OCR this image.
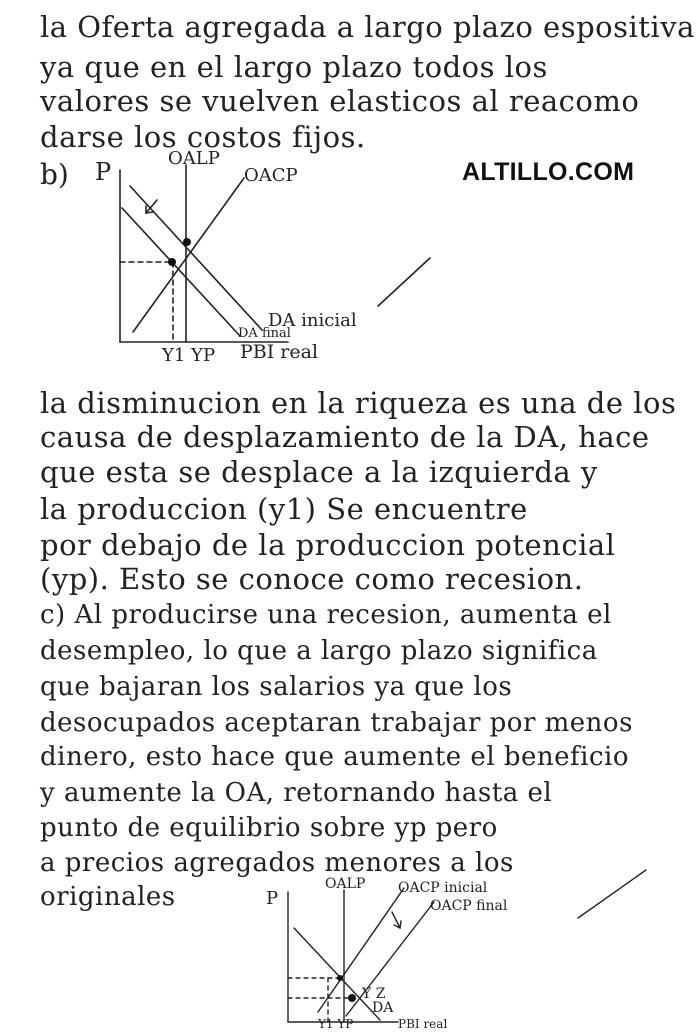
la Oferta agregada a largo plazo espositiva
ya que en el largo plazo todos los
valores se vuelven elasticos al reacomo
darse los costos fijos.
ALTILLO.COM
b) P	OALP
OACP
DA inicial
DA final
Y1 YP PBI real
la disminucion en la riqueza es una de los
causa de desplazamiento de la DA, hace
que esta se desplace a la izquierda y
la produccion (y1) Se encuentre
por debajo de la produccion potencial
(yp). Esto se conoce como recesion.
c) Al producirse una recesion, aumenta el
desempleo, lo que a largo plazo significa
que bajaran los salarios ya que los
desocupados aceptaran trabajar por menos
dinero, esto hace que aumente el beneficio
y aumente la OA, retornando hasta el
punto de equilibrio sobre yp pero
a precios agregados menores a los
originales	P
OALP OACP inicial
OACP final
Y Z
DA
Y1 YP	PBI real
